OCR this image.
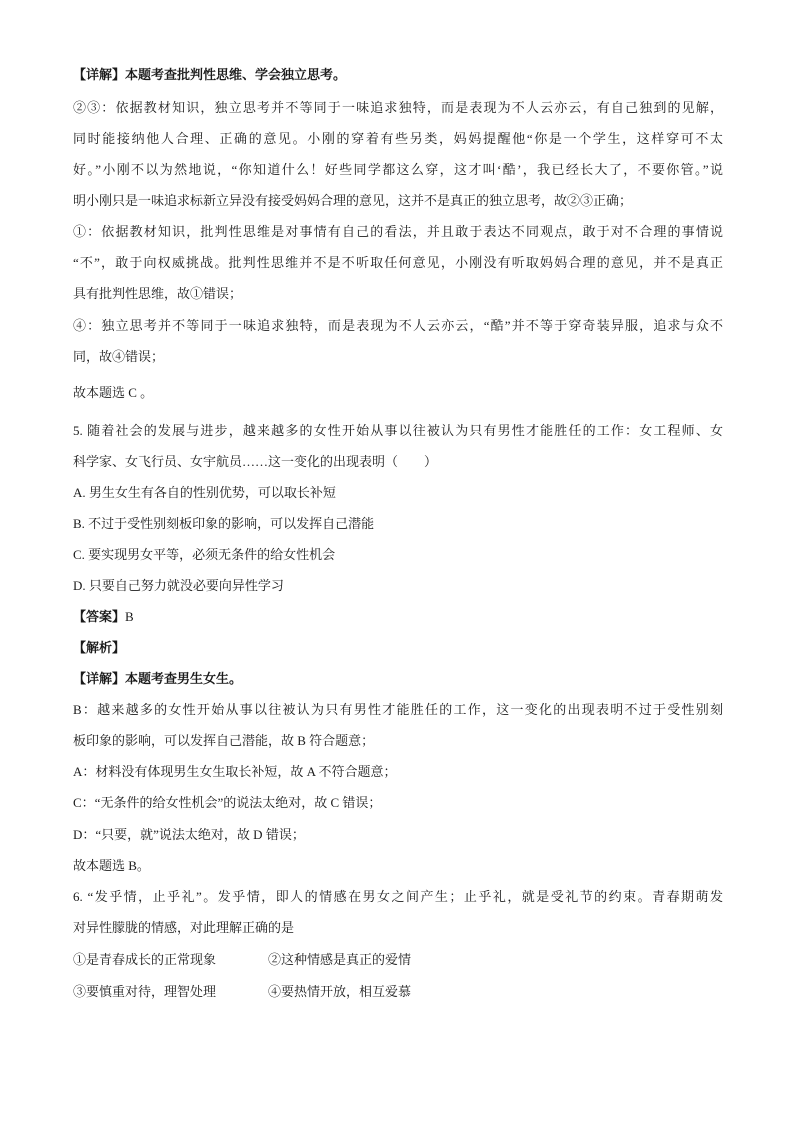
【详解】本题考查批判性思维、学会独立思考。
②③：依据教材知识，独立思考并不等同于一味追求独特，而是表现为不人云亦云，有自己独到的见解，
同时能接纳他人合理、正确的意见。小刚的穿着有些另类，妈妈提醒他“你是一个学生，这样穿可不太
好。”小刚不以为然地说，“你知道什么！好些同学都这么穿，这才叫‘酷’，我已经长大了，不要你管。”说
明小刚只是一味追求标新立异没有接受妈妈合理的意见，这并不是真正的独立思考，故②③正确；
①：依据教材知识，批判性思维是对事情有自己的看法，并且敢于表达不同观点，敢于对不合理的事情说
“不”，敢于向权威挑战。批判性思维并不是不听取任何意见，小刚没有听取妈妈合理的意见，并不是真正
具有批判性思维，故①错误；
④：独立思考并不等同于一味追求独特，而是表现为不人云亦云，“酷”并不等于穿奇装异服，追求与众不
同，故④错误；
故本题选 C 。
5. 随着社会的发展与进步，越来越多的女性开始从事以往被认为只有男性才能胜任的工作：女工程师、女
科学家、女飞行员、女宇航员……这一变化的出现表明（　　）
A. 男生女生有各自的性别优势，可以取长补短
B. 不过于受性别刻板印象的影响，可以发挥自己潜能
C. 要实现男女平等，必须无条件的给女性机会
D. 只要自己努力就没必要向异性学习
【答案】B
【解析】
【详解】本题考查男生女生。
B：越来越多的女性开始从事以往被认为只有男性才能胜任的工作，这一变化的出现表明不过于受性别刻
板印象的影响，可以发挥自己潜能，故 B 符合题意；
A：材料没有体现男生女生取长补短，故 A 不符合题意；
C：“无条件的给女性机会”的说法太绝对，故 C 错误；
D：“只要，就”说法太绝对，故 D 错误；
故本题选 B。
6. “发乎情，止乎礼”。发乎情，即人的情感在男女之间产生；止乎礼，就是受礼节的约束。青春期萌发
对异性朦胧的情感，对此理解正确的是
①是青春成长的正常现象	②这种情感是真正的爱情
③要慎重对待，理智处理	④要热情开放，相互爱慕
